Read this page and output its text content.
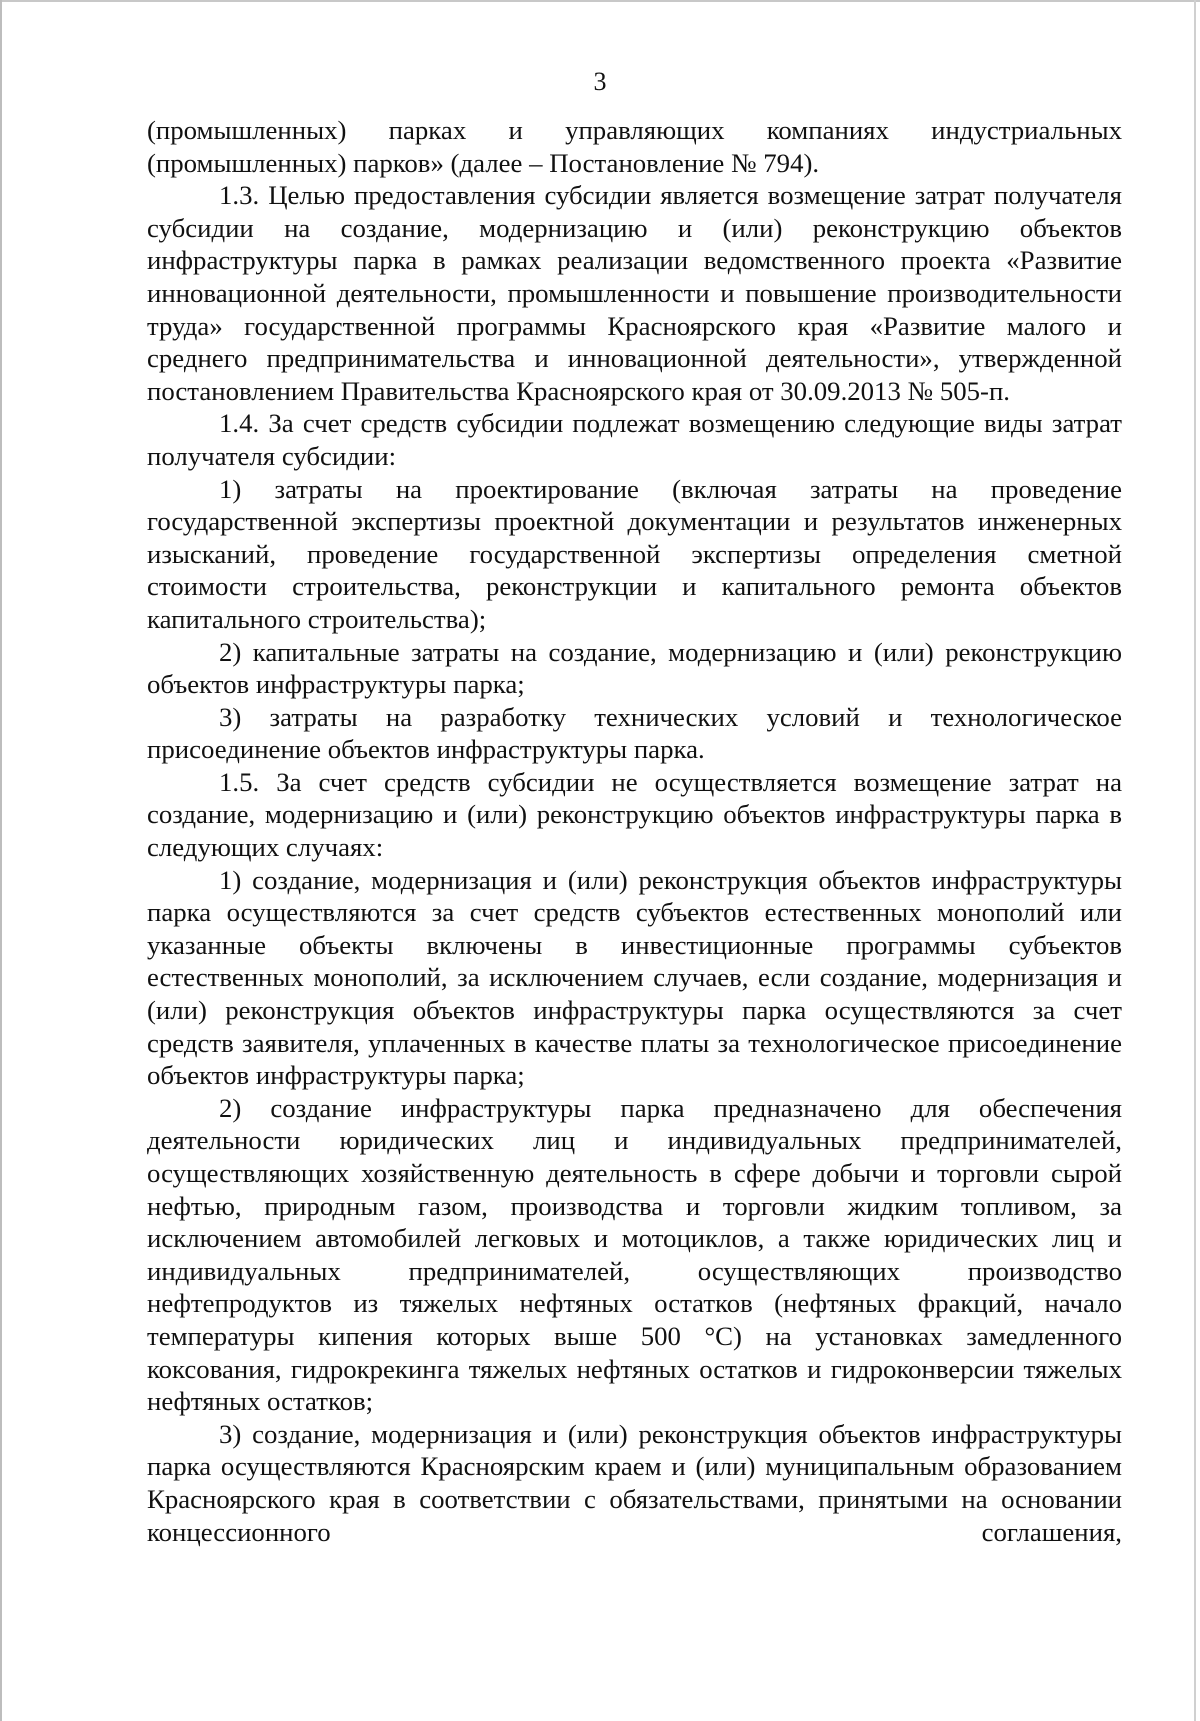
3

(промышленных) парках и управляющих компаниях индустриальных (промышленных) парков» (далее – Постановление № 794).

1.3. Целью предоставления субсидии является возмещение затрат получателя субсидии на создание, модернизацию и (или) реконструкцию объектов инфраструктуры парка в рамках реализации ведомственного проекта «Развитие инновационной деятельности, промышленности и повышение производительности труда» государственной программы Красноярского края «Развитие малого и среднего предпринимательства и инновационной деятельности», утвержденной постановлением Правительства Красноярского края от 30.09.2013 № 505-п.

1.4. За счет средств субсидии подлежат возмещению следующие виды затрат получателя субсидии:

1) затраты на проектирование (включая затраты на проведение государственной экспертизы проектной документации и результатов инженерных изысканий, проведение государственной экспертизы определения сметной стоимости строительства, реконструкции и капитального ремонта объектов капитального строительства);

2) капитальные затраты на создание, модернизацию и (или) реконструкцию объектов инфраструктуры парка;

3) затраты на разработку технических условий и технологическое присоединение объектов инфраструктуры парка.

1.5. За счет средств субсидии не осуществляется возмещение затрат на создание, модернизацию и (или) реконструкцию объектов инфраструктуры парка в следующих случаях:

1) создание, модернизация и (или) реконструкция объектов инфраструктуры парка осуществляются за счет средств субъектов естественных монополий или указанные объекты включены в инвестиционные программы субъектов естественных монополий, за исключением случаев, если создание, модернизация и (или) реконструкция объектов инфраструктуры парка осуществляются за счет средств заявителя, уплаченных в качестве платы за технологическое присоединение объектов инфраструктуры парка;

2) создание инфраструктуры парка предназначено для обеспечения деятельности юридических лиц и индивидуальных предпринимателей, осуществляющих хозяйственную деятельность в сфере добычи и торговли сырой нефтью, природным газом, производства и торговли жидким топливом, за исключением автомобилей легковых и мотоциклов, а также юридических лиц и индивидуальных предпринимателей, осуществляющих производство нефтепродуктов из тяжелых нефтяных остатков (нефтяных фракций, начало температуры кипения которых выше 500 °С) на установках замедленного коксования, гидрокрекинга тяжелых нефтяных остатков и гидроконверсии тяжелых нефтяных остатков;

3) создание, модернизация и (или) реконструкция объектов инфраструктуры парка осуществляются Красноярским краем и (или) муниципальным образованием Красноярского края в соответствии с обязательствами, принятыми на основании концессионного соглашения,
